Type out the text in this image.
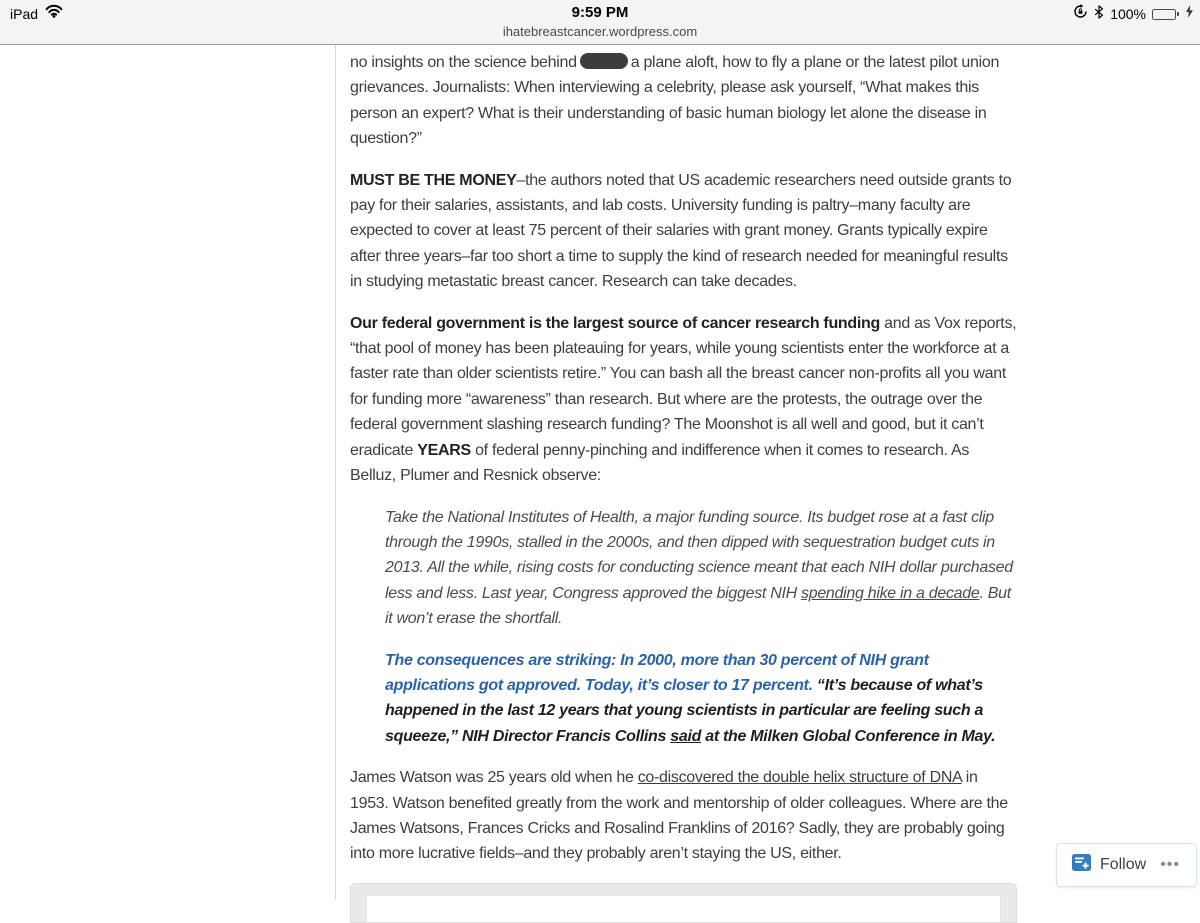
iPad	9:59 PM
ihatebreastcancer.wordpress.com
100%

no insights on the science behind	a plane aloft, how to fly a plane or the latest pilot union grievances. Journalists: When interviewing a celebrity, please ask yourself, “What makes this person an expert? What is their understanding of basic human biology let alone the disease in question?”

MUST BE THE MONEY–the authors noted that US academic researchers need outside grants to pay for their salaries, assistants, and lab costs. University funding is paltry–many faculty are expected to cover at least 75 percent of their salaries with grant money. Grants typically expire after three years–far too short a time to supply the kind of research needed for meaningful results in studying metastatic breast cancer. Research can take decades.

Our federal government is the largest source of cancer research funding and as Vox reports, “that pool of money has been plateauing for years, while young scientists enter the workforce at a faster rate than older scientists retire.” You can bash all the breast cancer non-profits all you want for funding more “awareness” than research. But where are the protests, the outrage over the federal government slashing research funding? The Moonshot is all well and good, but it can’t eradicate YEARS of federal penny-pinching and indifference when it comes to research. As Belluz, Plumer and Resnick observe:

Take the National Institutes of Health, a major funding source. Its budget rose at a fast clip through the 1990s, stalled in the 2000s, and then dipped with sequestration budget cuts in 2013. All the while, rising costs for conducting science meant that each NIH dollar purchased less and less. Last year, Congress approved the biggest NIH spending hike in a decade. But it won’t erase the shortfall.

The consequences are striking: In 2000, more than 30 percent of NIH grant applications got approved. Today, it’s closer to 17 percent. “It’s because of what’s happened in the last 12 years that young scientists in particular are feeling such a squeeze,” NIH Director Francis Collins said at the Milken Global Conference in May.

James Watson was 25 years old when he co-discovered the double helix structure of DNA in 1953. Watson benefited greatly from the work and mentorship of older colleagues. Where are the James Watsons, Frances Cricks and Rosalind Franklins of 2016? Sadly, they are probably going into more lucrative fields–and they probably aren’t staying the US, either.

Follow •••
